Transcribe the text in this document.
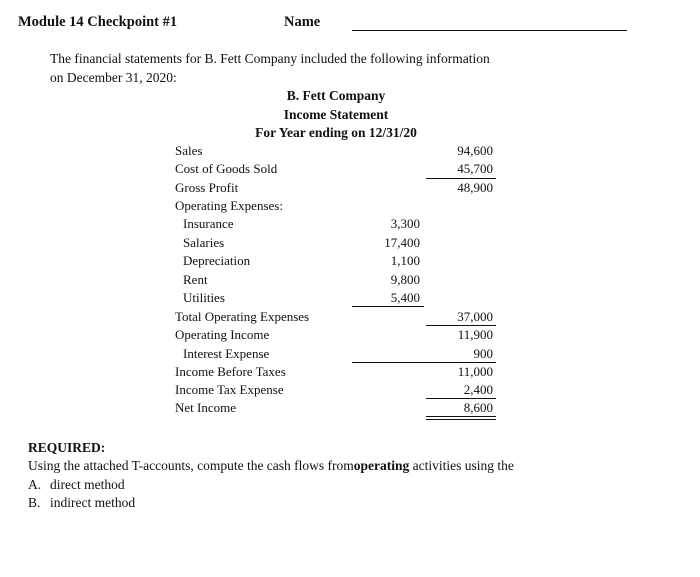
Module 14 Checkpoint #1	Name
The financial statements for B. Fett Company included the following information
on December 31, 2020:
B. Fett Company
Income Statement
For Year ending on 12/31/20
Sales	94,600
Cost of Goods Sold	45,700
Gross Profit	48,900
Operating Expenses:
Insurance	3,300
Salaries	17,400
Depreciation	1,100
Rent	9,800
Utilities	5,400
Total Operating Expenses	37,000
Operating Income	11,900
Interest Expense	900
Income Before Taxes	11,000
Income Tax Expense	2,400
Net Income	8,600
REQUIRED:
Using the attached T-accounts, compute the cash flows fromoperating activities using the
A. direct method
B. indirect method
